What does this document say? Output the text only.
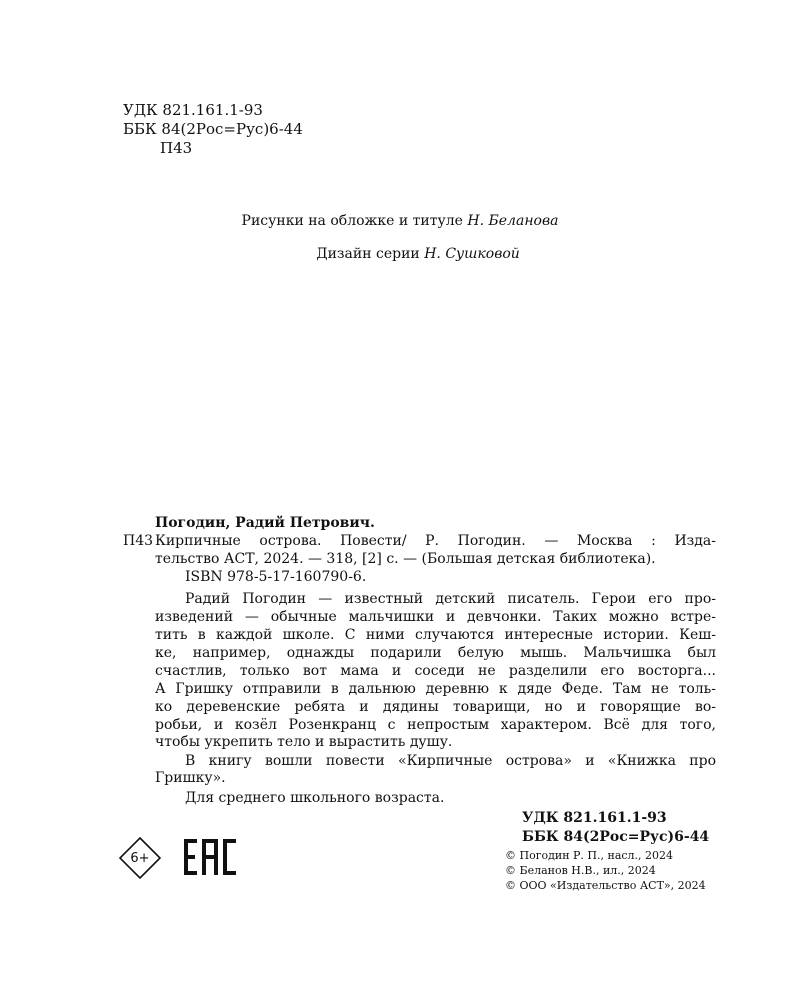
УДК 821.161.1-93
ББК 84(2Рос=Рус)6-44
П43
Рисунки на обложке и титуле Н. Беланова
Дизайн серии Н. Сушковой
Погодин, Радий Петрович.
П43 Кирпичные острова. Повести/ Р. Погодин. — Москва : Изда-
тельство АСТ, 2024. — 318, [2] с. — (Большая детская библиотека).
ISBN 978-5-17-160790-6.
Радий Погодин — известный детский писатель. Герои его про-
изведений — обычные мальчишки и девчонки. Таких можно встре-
тить в каждой школе. С ними случаются интересные истории. Кеш-
ке, например, однажды подарили белую мышь. Мальчишка был
счастлив, только вот мама и соседи не разделили его восторга...
А Гришку отправили в дальнюю деревню к дяде Феде. Там не толь-
ко деревенские ребята и дядины товарищи, но и говорящие во-
робьи, и козёл Розенкранц с непростым характером. Всё для того,
чтобы укрепить тело и вырастить душу.
В книгу вошли повести «Кирпичные острова» и «Книжка про
Гришку».
Для среднего школьного возраста.
УДК 821.161.1-93
ББК 84(2Рос=Рус)6-44
© Погодин Р. П., насл., 2024
© Беланов Н.В., ил., 2024
© ООО «Издательство АСТ», 2024
6+
